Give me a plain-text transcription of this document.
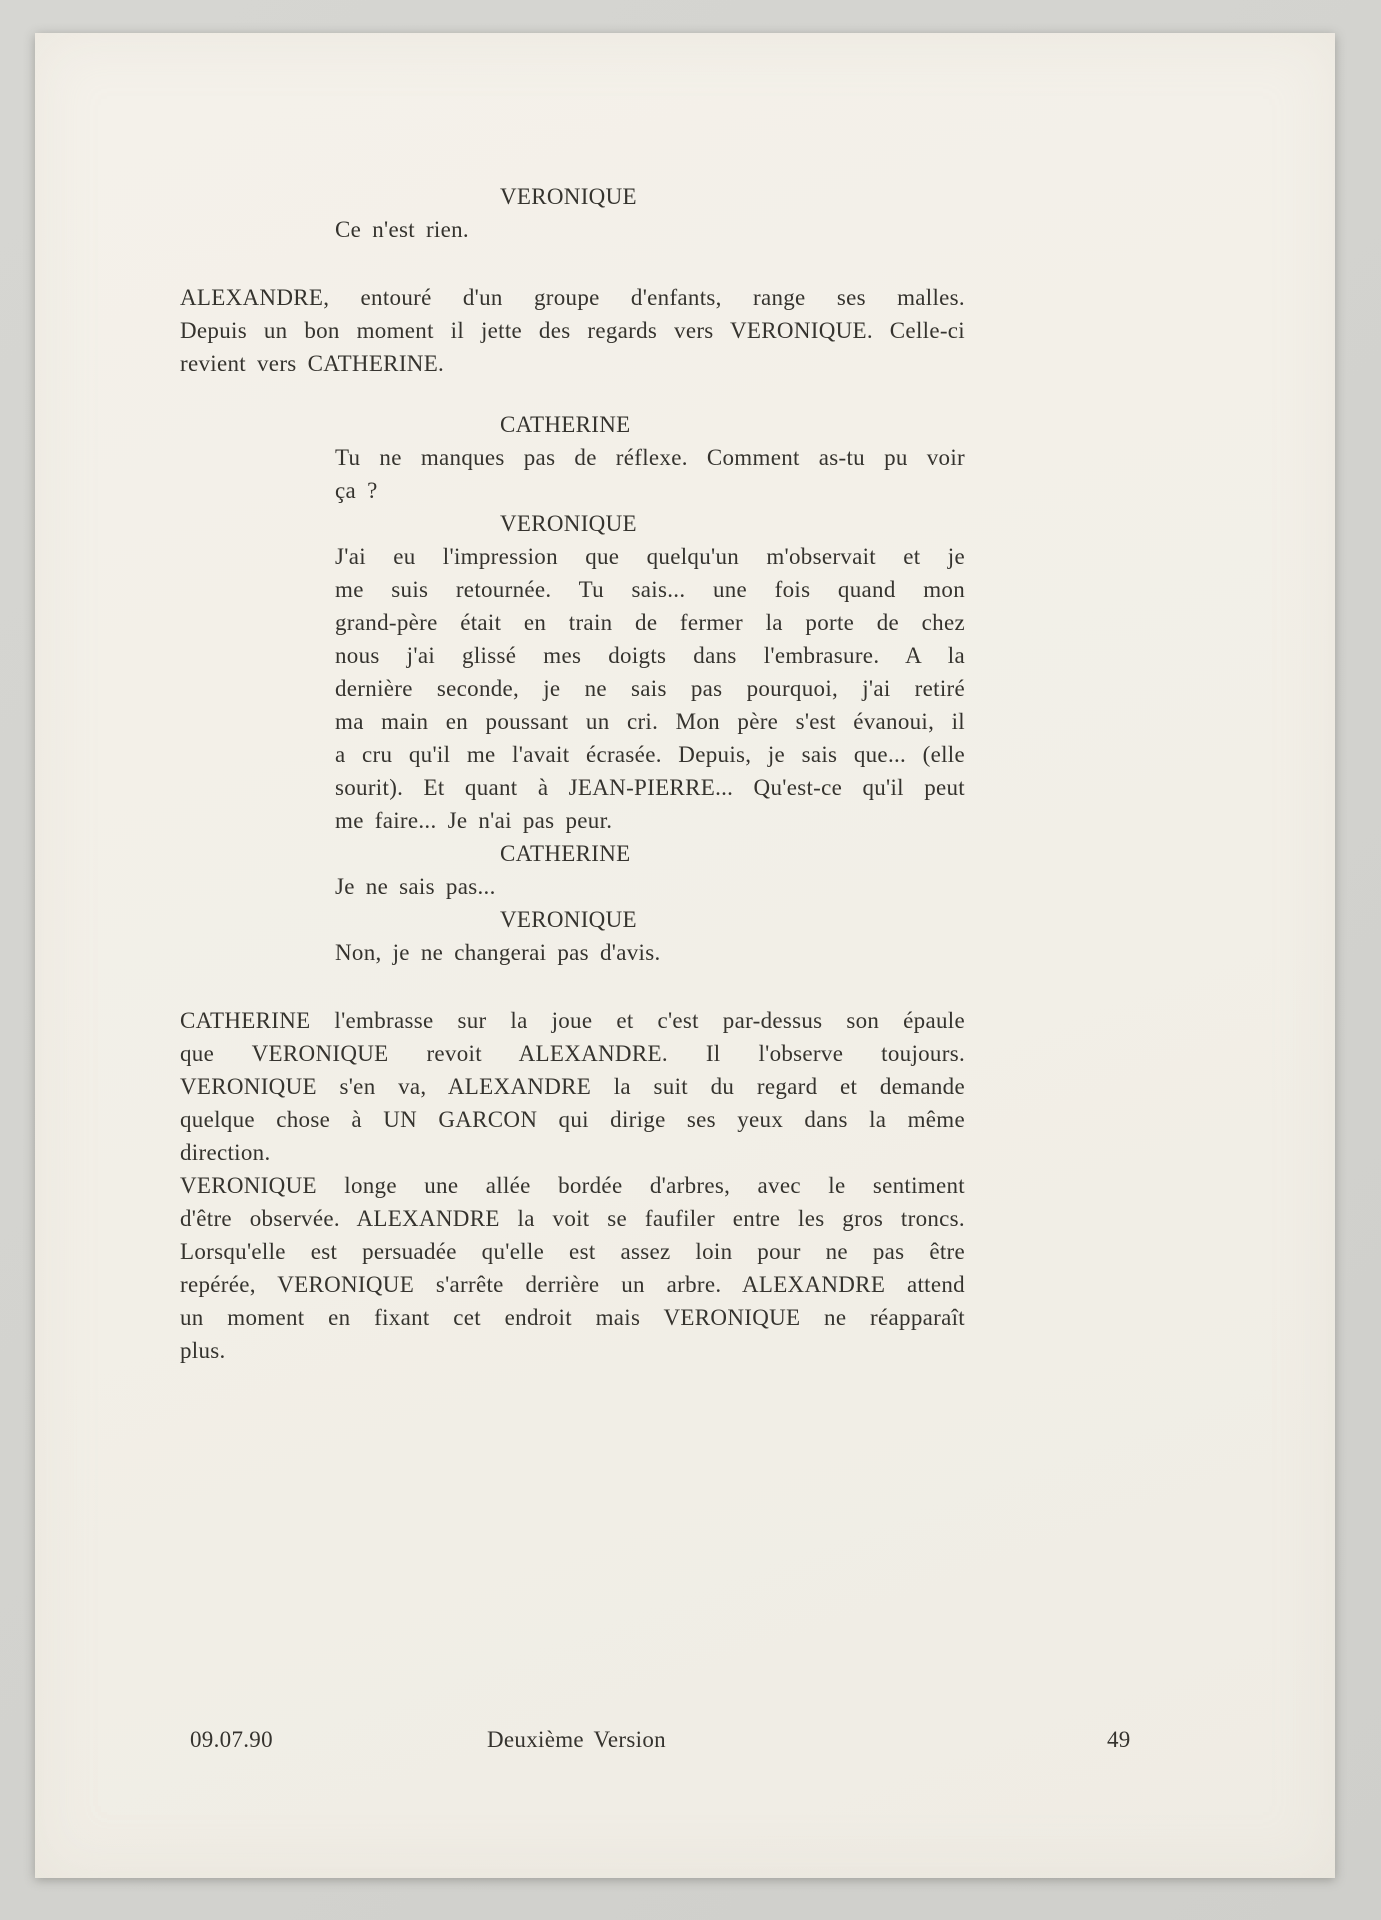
VERONIQUE
Ce n'est rien.
ALEXANDRE, entouré d'un groupe d'enfants, range ses malles.
Depuis un bon moment il jette des regards vers VERONIQUE. Celle-ci
revient vers CATHERINE.
CATHERINE
Tu ne manques pas de réflexe. Comment as-tu pu voir
ça ?
VERONIQUE
J'ai eu l'impression que quelqu'un m'observait et je
me suis retournée. Tu sais... une fois quand mon
grand-père était en train de fermer la porte de chez
nous j'ai glissé mes doigts dans l'embrasure. A la
dernière seconde, je ne sais pas pourquoi, j'ai retiré
ma main en poussant un cri. Mon père s'est évanoui, il
a cru qu'il me l'avait écrasée. Depuis, je sais que... (elle
sourit). Et quant à JEAN-PIERRE... Qu'est-ce qu'il peut
me faire... Je n'ai pas peur.
CATHERINE
Je ne sais pas...
VERONIQUE
Non, je ne changerai pas d'avis.
CATHERINE l'embrasse sur la joue et c'est par-dessus son épaule
que VERONIQUE revoit ALEXANDRE. Il l'observe toujours.
VERONIQUE s'en va, ALEXANDRE la suit du regard et demande
quelque chose à UN GARCON qui dirige ses yeux dans la même
direction.
VERONIQUE longe une allée bordée d'arbres, avec le sentiment
d'être observée. ALEXANDRE la voit se faufiler entre les gros troncs.
Lorsqu'elle est persuadée qu'elle est assez loin pour ne pas être
repérée, VERONIQUE s'arrête derrière un arbre. ALEXANDRE attend
un moment en fixant cet endroit mais VERONIQUE ne réapparaît
plus.
09.07.90	Deuxième Version	49
